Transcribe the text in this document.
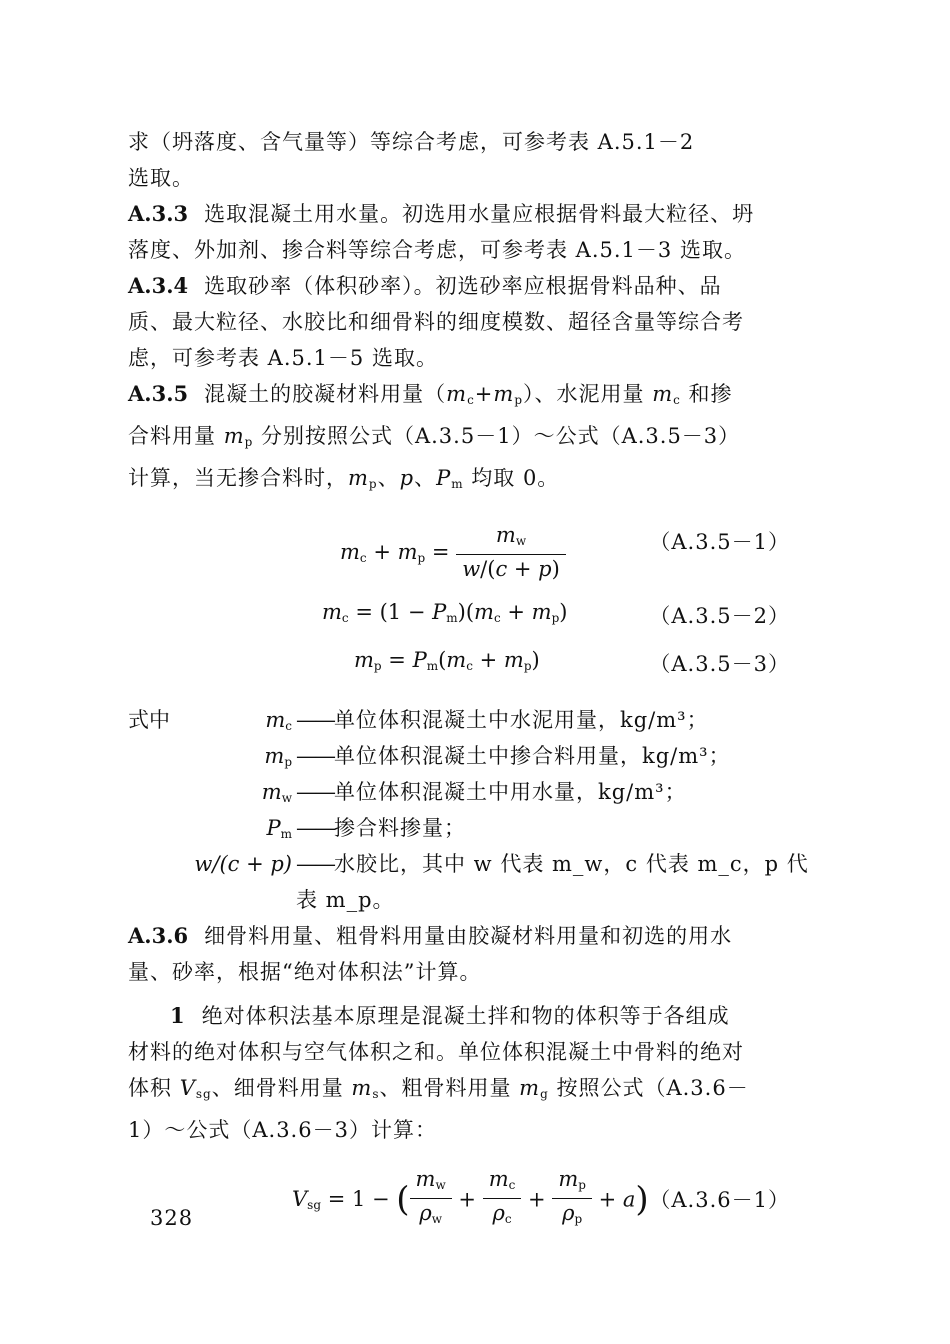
求（坍落度、含气量等）等综合考虑，可参考表 A.5.1－2
选取。

A.3.3 选取混凝土用水量。初选用水量应根据骨料最大粒径、坍
落度、外加剂、掺合料等综合考虑，可参考表 A.5.1－3 选取。

A.3.4 选取砂率（体积砂率）。初选砂率应根据骨料品种、品
质、最大粒径、水胶比和细骨料的细度模数、超径含量等综合考
虑，可参考表 A.5.1－5 选取。

A.3.5 混凝土的胶凝材料用量$(m_c+m_p)$、水泥用量 $m_c$ 和掺
合料用量 $m_p$ 分别按照公式（A.3.5－1）～公式（A.3.5－3）
计算，当无掺合料时，$m_p$、p、$P_m$ 均取 0。

$m_c + m_p = \frac{m_w}{w/(c + p)}$	（A.3.5－1）
$m_c = (1 - P_m)(m_c + m_p)$	（A.3.5－2）
$m_p = P_m(m_c + m_p)$	（A.3.5－3）
式中	$m_c$ ——单位体积混凝土中水泥用量，kg/m³；
$m_p$ ——单位体积混凝土中掺合料用量，kg/m³；
$m_w$ ——单位体积混凝土中用水量，kg/m³；
$P_m$ ——掺合料掺量；
w/(c + p) ——水胶比，其中 w 代表 m_w，c 代表 m_c，p 代
表 m_p。

A.3.6 细骨料用量、粗骨料用量由胶凝材料用量和初选的用水
量、砂率，根据“绝对体积法”计算。

1 绝对体积法基本原理是混凝土拌和物的体积等于各组成
材料的绝对体积与空气体积之和。单位体积混凝土中骨料的绝对
体积 $V_{sg}$、细骨料用量 $m_s$、粗骨料用量 $m_g$ 按照公式（A.3.6－
1）～公式（A.3.6－3）计算：

$V_{sg} = 1$ − ( $\frac{m_w}{\rho_w} + \frac{m_c}{\rho_c} + \frac{m_p}{\rho_p} + a$) （A.3.6－1）
328
